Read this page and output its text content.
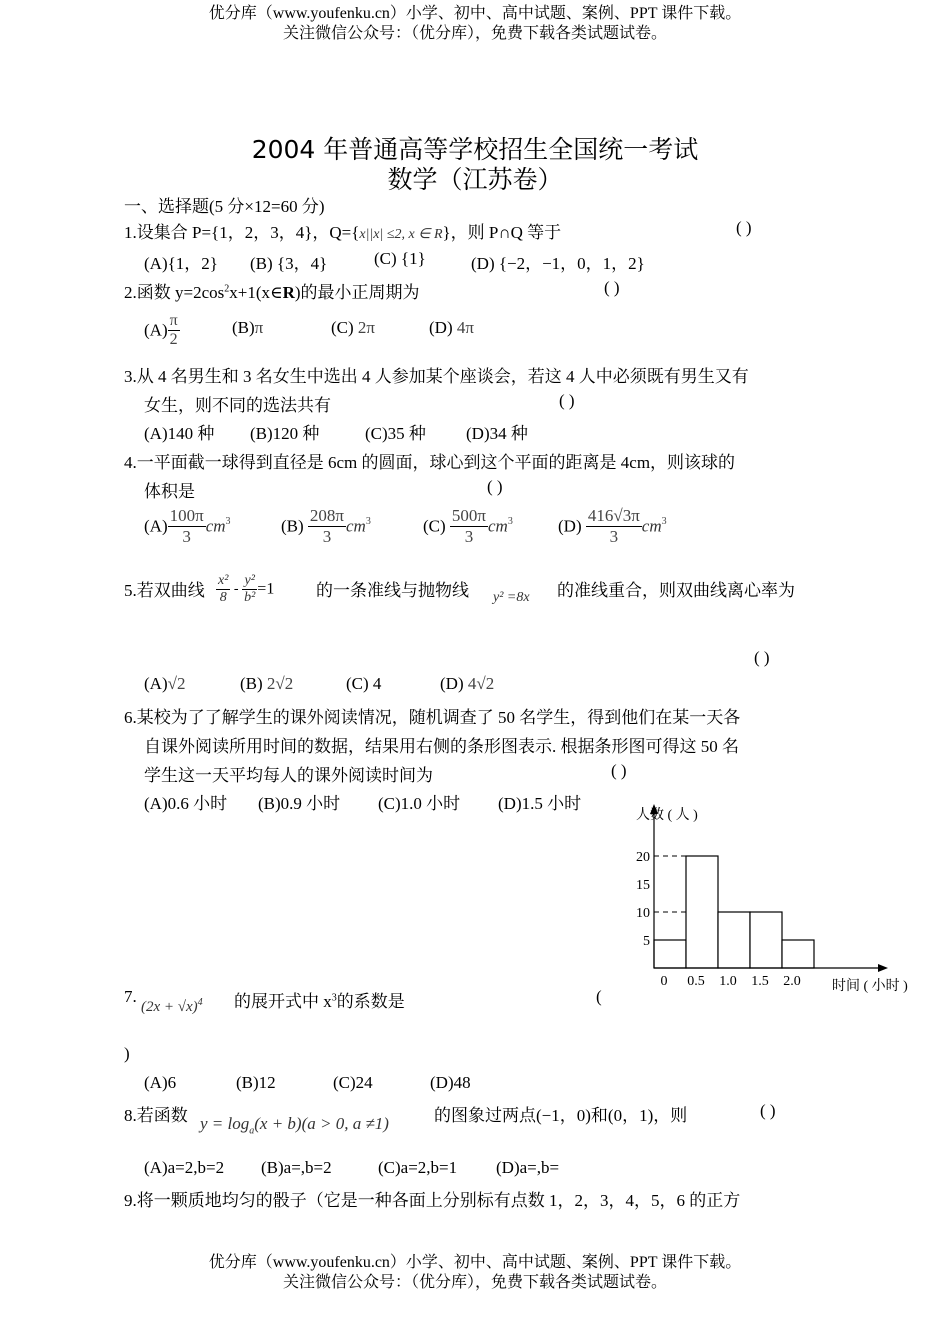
优分库（www.youfenku.cn）小学、初中、高中试题、案例、PPT 课件下载。
关注微信公众号：（优分库），免费下载各类试题试卷。
2004 年普通高等学校招生全国统一考试
数学（江苏卷）
一、选择题(5 分×12=60 分)
1.设集合 P={1，2，3，4}，Q={x||x| ≤2, x ∈ R}，则 P∩Q 等于	( )
(A){1，2} (B) {3，4}	(C) {1}	(D) {−2，−1，0，1，2}
2.函数 $y=2\cos^2x+1(x\in R)$的最小正周期为	( )
$(A) \frac{\pi}{2}$	(B)π	(C) 2π	(D) 4π
3.从 4 名男生和 3 名女生中选出 4 人参加某个座谈会，若这 4 人中必须既有男生又有
女生，则不同的选法共有	( )
(A)140 种 (B)120 种	(C)35 种 (D)34 种
4.一平面截一球得到直径是 6cm 的圆面，球心到这个平面的距离是 4cm，则该球的
体积是	( )
$(A) \frac{100\pi}{3} cm^3$	$(B) \frac{208\pi}{3} cm^3$	$(C) \frac{500\pi}{3} cm^3$	$(D) \frac{416√3\pi}{3} cm^3$
5.若双曲线 $\frac{\text{x²}}{8} - \frac{\text{y²}}{\text{b²}} =1$ 的一条准线与抛物线 y² =8x 的准线重合，则双曲线离心率为
( )
(A)√2	(B) 2√2	(C) 4	(D) 4√2
6.某校为了了解学生的课外阅读情况，随机调查了 50 名学生，得到他们在某一天各
自课外阅读所用时间的数据，结果用右侧的条形图表示. 根据条形图可得这 50 名
学生这一天平均每人的课外阅读时间为	( )
(A)0.6 小时 (B)0.9 小时 (C)1.0 小时 (D)1.5 小时
5
10
15
20
0 0.5 1.0 1.5 2.0
人数 ( 人 )
时间 ( 小时 )
7.
$(2x + √x)^4$ 的展开式中 $x^3$的系数是	(
)
(A)6	(B)12	(C)24	(D)48
8.若函数 $y = \log_a(x + b)(a > 0$, a ≠1)	的图象过两点(−1，0)和(0，1)，则	( )
(A)a=2,b=2 (B)a=,b=2	(C)a=2,b=1 (D)a=,b=
9.将一颗质地均匀的骰子（它是一种各面上分别标有点数 1，2，3，4，5，6 的正方
优分库（www.youfenku.cn）小学、初中、高中试题、案例、PPT 课件下载。
关注微信公众号：（优分库），免费下载各类试题试卷。
